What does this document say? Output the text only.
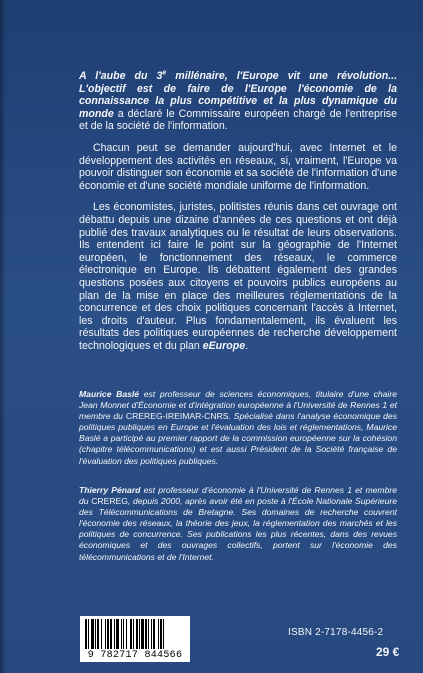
A l'aube du 3e millénaire, l'Europe vit une révolution... L'objectif est de faire de l'Europe l'économie de la connaissance la plus compétitive et la plus dynamique du monde a déclaré le Commissaire européen chargé de l'entreprise et de la société de l'information.

Chacun peut se demander aujourd'hui, avec Internet et le développement des activités en réseaux, si, vraiment, l'Europe va pouvoir distinguer son économie et sa société de l'information d'une économie et d'une société mondiale uniforme de l'information.

Les économistes, juristes, politistes réunis dans cet ouvrage ont débattu depuis une dizaine d'années de ces questions et ont déjà publié des travaux analytiques ou le résultat de leurs observations. Ils entendent ici faire le point sur la géographie de l'Internet européen, le fonctionnement des réseaux, le commerce électronique en Europe. Ils débattent également des grandes questions posées aux citoyens et pouvoirs publics européens au plan de la mise en place des meilleures réglementations de la concurrence et des choix politiques concernant l'accès à Internet, les droits d'auteur. Plus fondamentalement, ils évaluent les résultats des politiques européennes de recherche développement technologiques et du plan eEurope.

Maurice Baslé est professeur de sciences économiques, titulaire d'une chaire Jean Monnet d'Économie et d'intégration européenne à l'Université de Rennes 1 et membre du CREREG-IREIMAR-CNRS. Spécialisé dans l'analyse économique des politiques publiques en Europe et l'évaluation des lois et réglementations, Maurice Baslé a participé au premier rapport de la commission européenne sur la cohésion (chapitre télécommunications) et est aussi Président de la Société française de l'évaluation des politiques publiques.
Thierry Pénard est professeur d'économie à l'Université de Rennes 1 et membre du CREREG, depuis 2000, après avoir été en poste à l'École Nationale Supérieure des Télécommunications de Bretagne. Ses domaines de recherche couvrent l'économie des réseaux, la théorie des jeux, la réglementation des marchés et les politiques de concurrence. Ses publications les plus récentes, dans des revues économiques et des ouvrages collectifs, portent sur l'économie des télécommunications et de l'Internet.
9 782717 844566
ISBN 2-7178-4456-2
29 €
